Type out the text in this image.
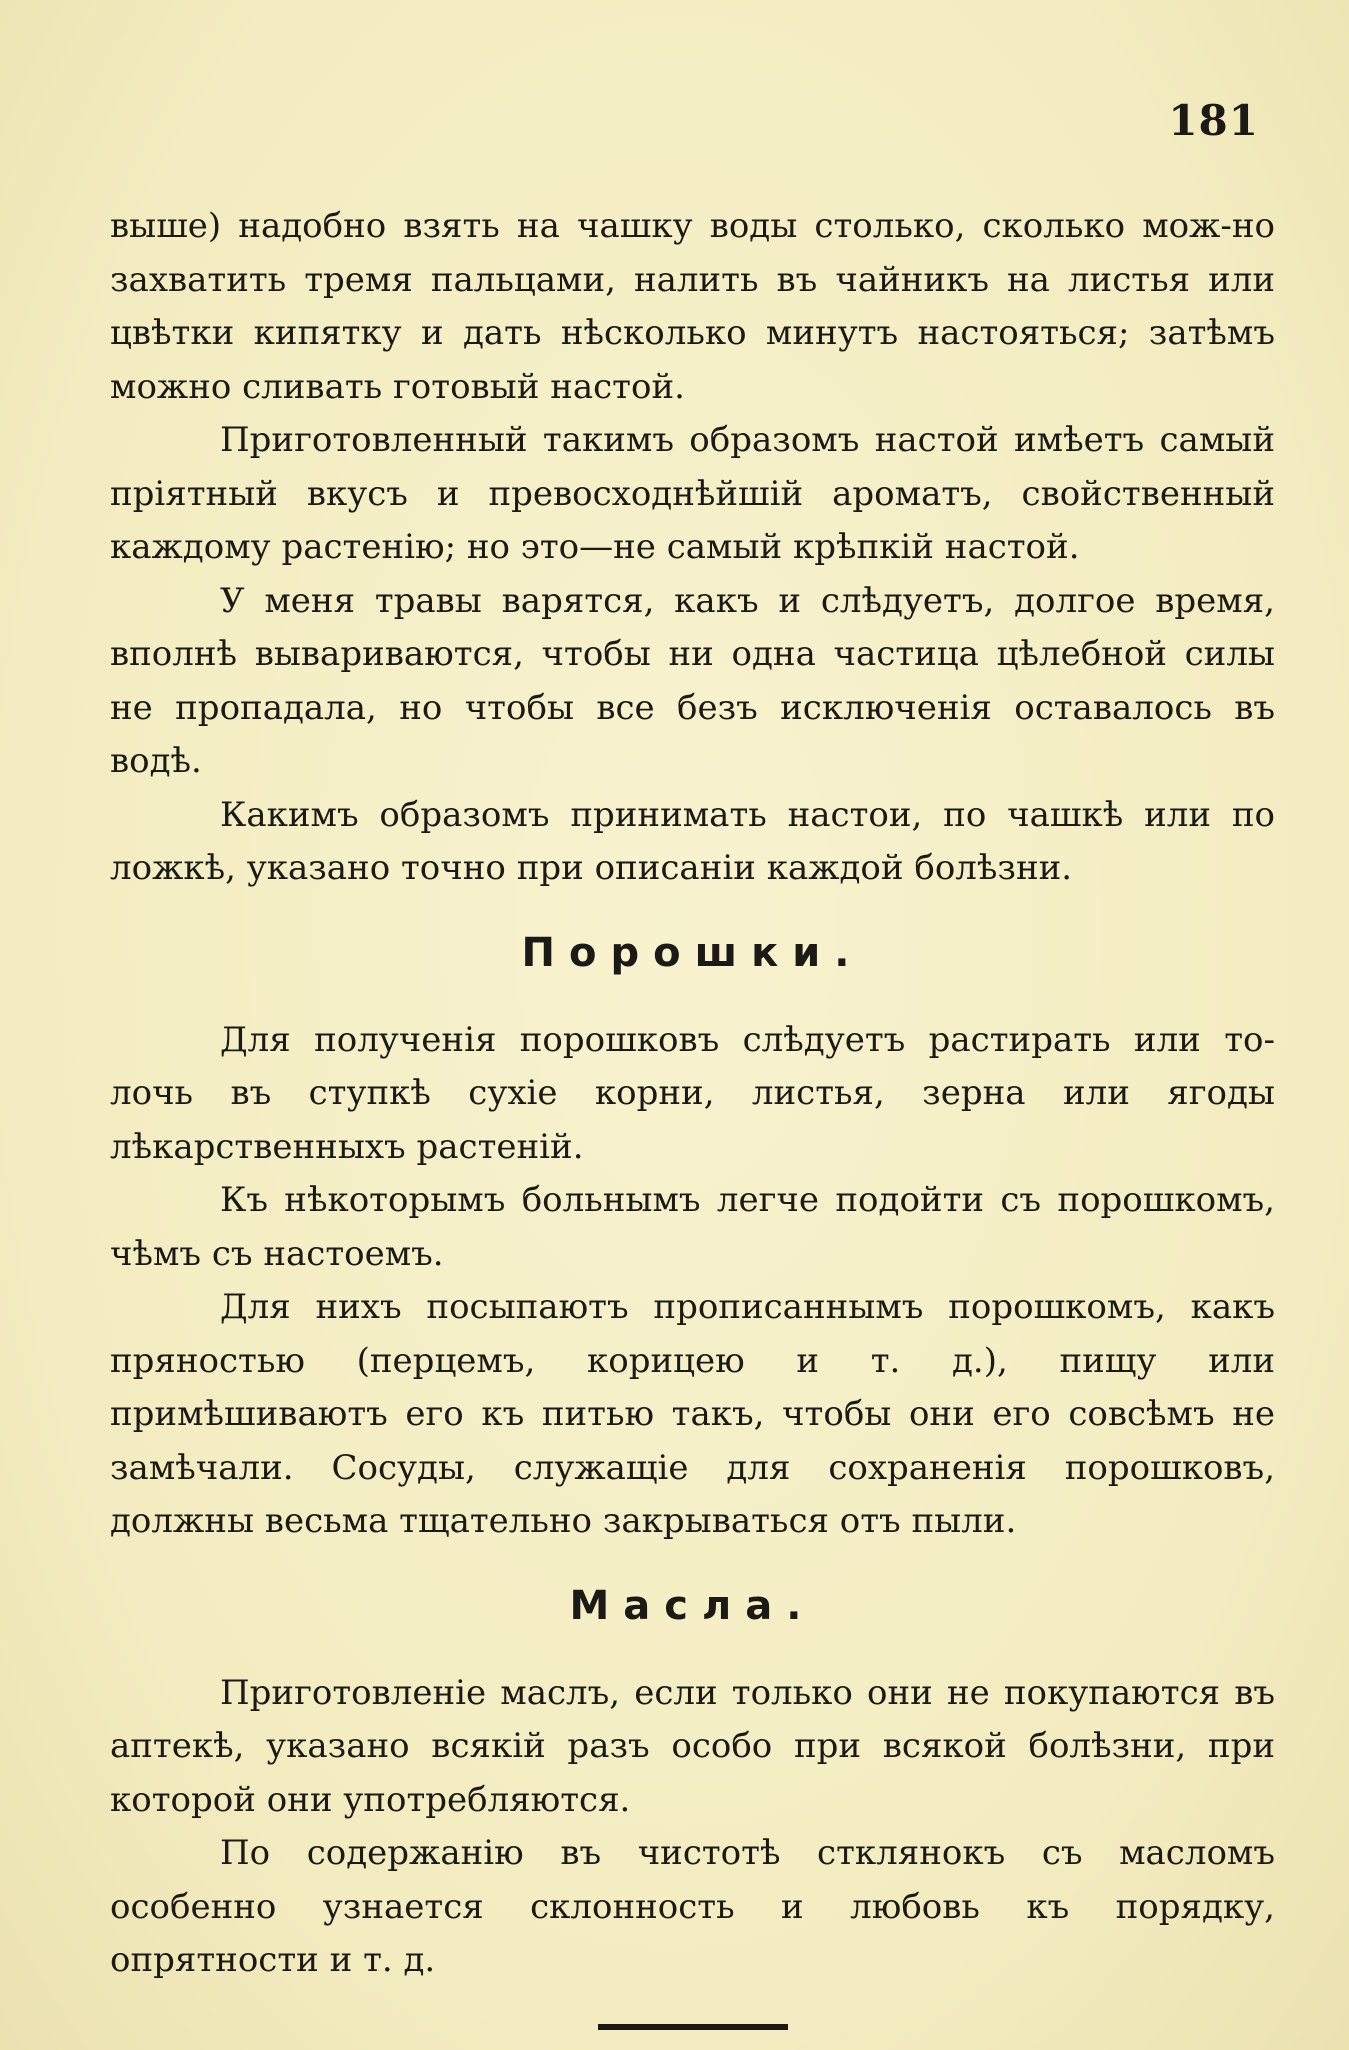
181

выше) надобно взять на чашку воды столько, сколько мож-но захватить тремя пальцами, налить въ чайникъ на листья или цвѣтки кипятку и дать нѣсколько минутъ настояться; затѣмъ можно сливать готовый настой.

Приготовленный такимъ образомъ настой имѣетъ самый пріятный вкусъ и превосходнѣйшій ароматъ, свойственный каждому растенію; но это—не самый крѣпкій настой.

У меня травы варятся, какъ и слѣдуетъ, долгое время, вполнѣ вывариваются, чтобы ни одна частица цѣлебной силы не пропадала, но чтобы все безъ исключенія оставалось въ водѣ.

Какимъ образомъ принимать настои, по чашкѣ или по ложкѣ, указано точно при описаніи каждой болѣзни.

Порошки.

Для полученія порошковъ слѣдуетъ растирать или то-лочь въ ступкѣ сухіе корни, листья, зерна или ягоды лѣкарственныхъ растеній.

Къ нѣкоторымъ больнымъ легче подойти съ порошкомъ, чѣмъ съ настоемъ.

Для нихъ посыпаютъ прописаннымъ порошкомъ, какъ пряностью (перцемъ, корицею и т. д.), пищу или примѣшиваютъ его къ питью такъ, чтобы они его совсѣмъ не замѣчали. Сосуды, служащіе для сохраненія порошковъ, должны весьма тщательно закрываться отъ пыли.

Масла.

Приготовленіе маслъ, если только они не покупаются въ аптекѣ, указано всякій разъ особо при всякой болѣзни, при которой они употребляются.

По содержанію въ чистотѣ стклянокъ съ масломъ особенно узнается склонность и любовь къ порядку, опрятности и т. д.
